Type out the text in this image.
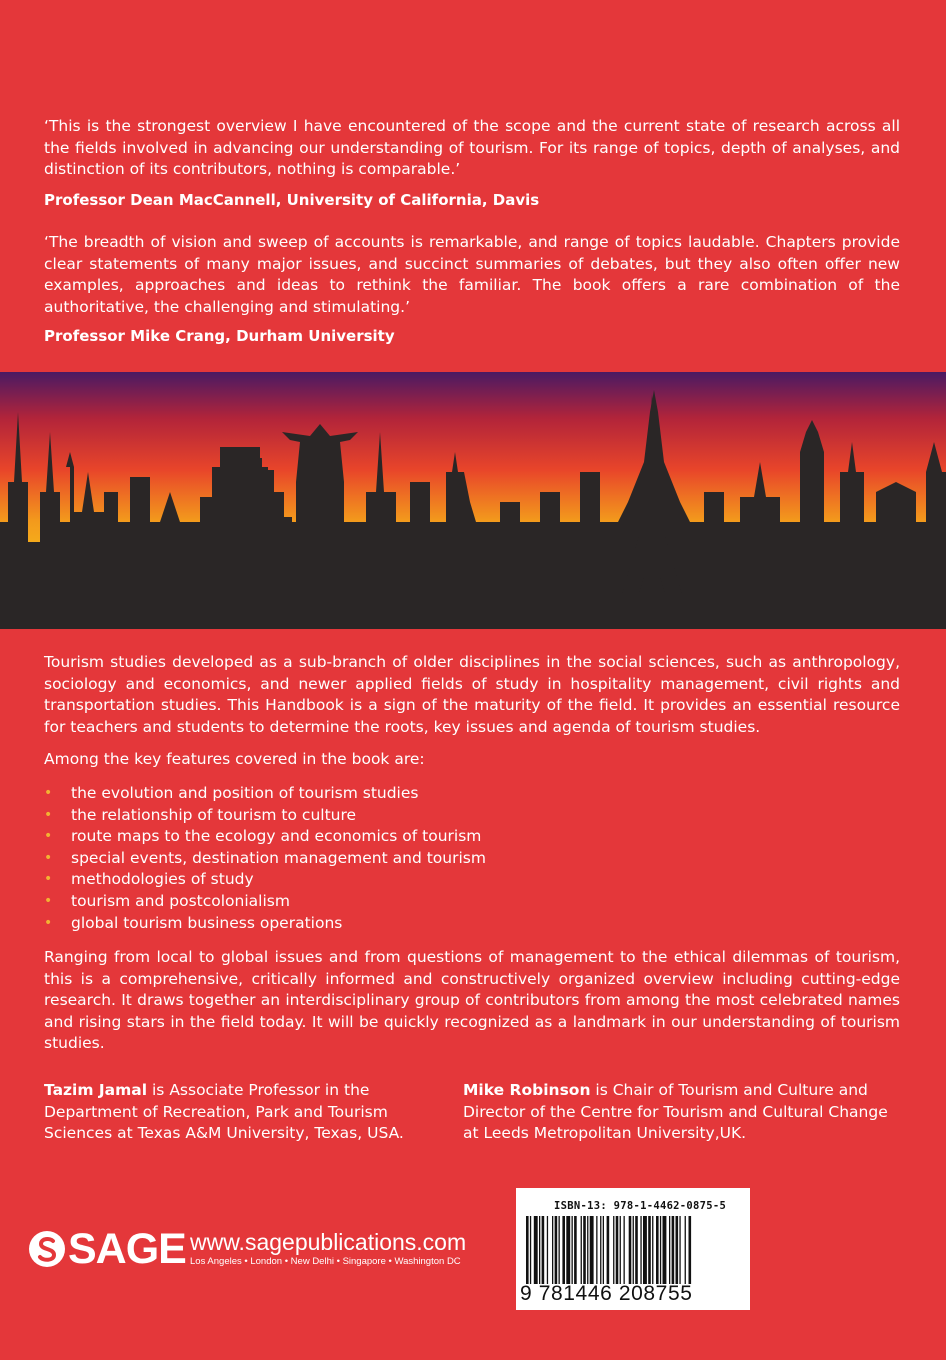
‘This is the strongest overview I have encountered of the scope and the current state of research across all the fields involved in advancing our understanding of tourism. For its range of topics, depth of analyses, and distinction of its contributors, nothing is comparable.’

Professor Dean MacCannell, University of California, Davis

‘The breadth of vision and sweep of accounts is remarkable, and range of topics laudable. Chapters provide clear statements of many major issues, and succinct summaries of debates, but they also often offer new examples, approaches and ideas to rethink the familiar. The book offers a rare combination of the authoritative, the challenging and stimulating.’

Professor Mike Crang, Durham University

Tourism studies developed as a sub-branch of older disciplines in the social sciences, such as anthropology, sociology and economics, and newer applied fields of study in hospitality management, civil rights and transportation studies. This Handbook is a sign of the maturity of the field. It provides an essential resource for teachers and students to determine the roots, key issues and agenda of tourism studies.

Among the key features covered in the book are:

• the evolution and position of tourism studies
• the relationship of tourism to culture
• route maps to the ecology and economics of tourism
• special events, destination management and tourism
• methodologies of study
• tourism and postcolonialism
• global tourism business operations

Ranging from local to global issues and from questions of management to the ethical dilemmas of tourism, this is a comprehensive, critically informed and constructively organized overview including cutting-edge research. It draws together an interdisciplinary group of contributors from among the most celebrated names and rising stars in the field today. It will be quickly recognized as a landmark in our understanding of tourism studies.

Tazim Jamal is Associate Professor in the Department of Recreation, Park and Tourism Sciences at Texas A&M University, Texas, USA.

Mike Robinson is Chair of Tourism and Culture and Director of the Centre for Tourism and Cultural Change at Leeds Metropolitan University,UK.

SAGE www.sagepublications.com
Los Angeles • London • New Delhi • Singapore • Washington DC
ISBN-13: 978-1-4462-0875-5
9 781446 208755
